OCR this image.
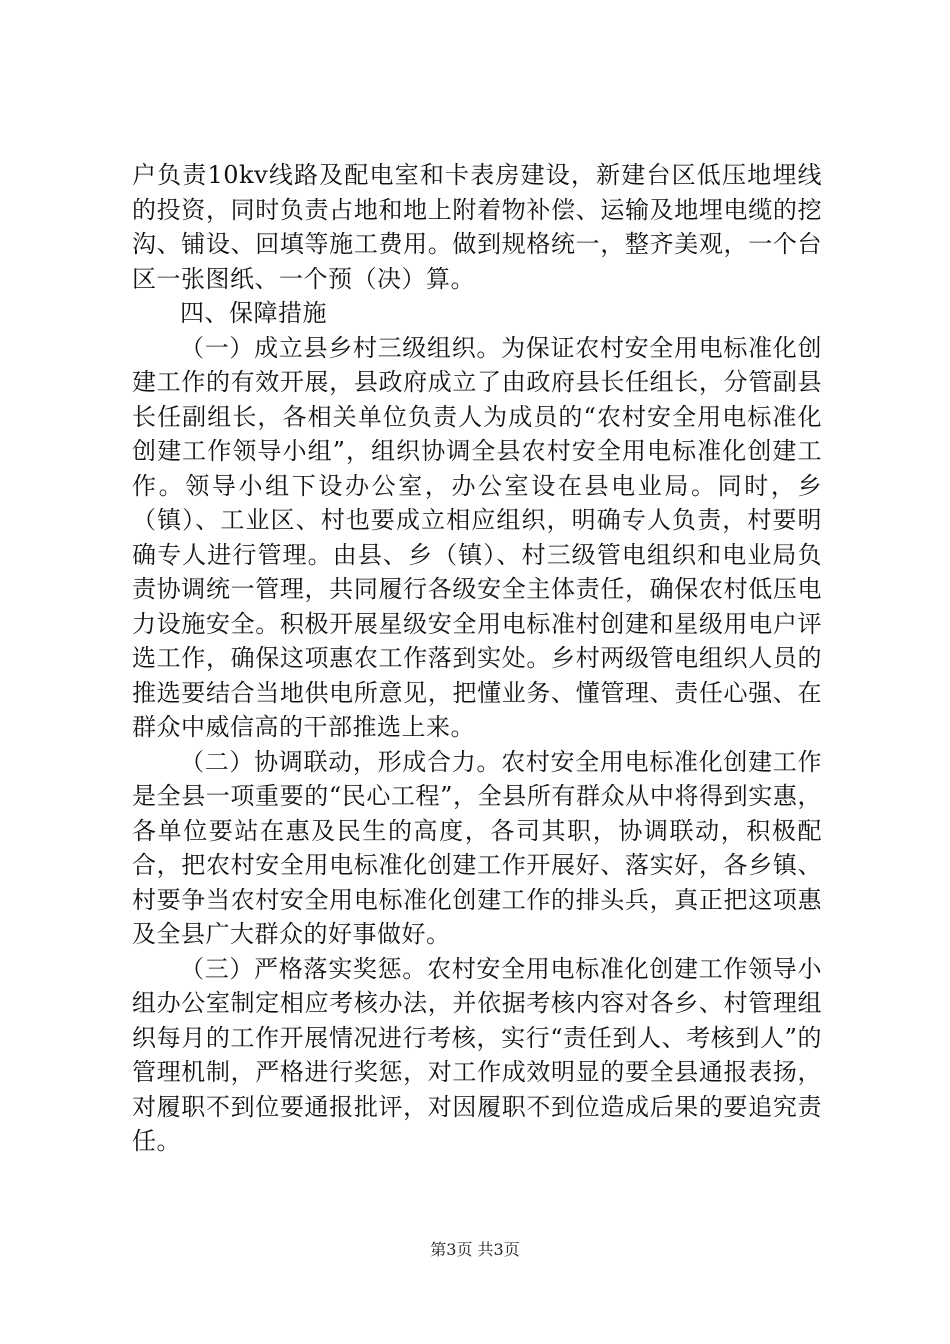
户负责10kv线路及配电室和卡表房建设，新建台区低压地埋线的投资，同时负责占地和地上附着物补偿、运输及地埋电缆的挖沟、铺设、回填等施工费用。做到规格统一，整齐美观，一个台区一张图纸、一个预（决）算。

四、保障措施

（一）成立县乡村三级组织。为保证农村安全用电标准化创建工作的有效开展，县政府成立了由政府县长任组长，分管副县长任副组长，各相关单位负责人为成员的“农村安全用电标准化创建工作领导小组”，组织协调全县农村安全用电标准化创建工作。领导小组下设办公室，办公室设在县电业局。同时，乡（镇）、工业区、村也要成立相应组织，明确专人负责，村要明确专人进行管理。由县、乡（镇）、村三级管电组织和电业局负责协调统一管理，共同履行各级安全主体责任，确保农村低压电力设施安全。积极开展星级安全用电标准村创建和星级用电户评选工作，确保这项惠农工作落到实处。乡村两级管电组织人员的推选要结合当地供电所意见，把懂业务、懂管理、责任心强、在群众中威信高的干部推选上来。

（二）协调联动，形成合力。农村安全用电标准化创建工作是全县一项重要的“民心工程”，全县所有群众从中将得到实惠，各单位要站在惠及民生的高度，各司其职，协调联动，积极配合，把农村安全用电标准化创建工作开展好、落实好，各乡镇、村要争当农村安全用电标准化创建工作的排头兵，真正把这项惠及全县广大群众的好事做好。

（三）严格落实奖惩。农村安全用电标准化创建工作领导小组办公室制定相应考核办法，并依据考核内容对各乡、村管理组织每月的工作开展情况进行考核，实行“责任到人、考核到人”的管理机制，严格进行奖惩，对工作成效明显的要全县通报表扬，对履职不到位要通报批评，对因履职不到位造成后果的要追究责任。

第3页 共3页
